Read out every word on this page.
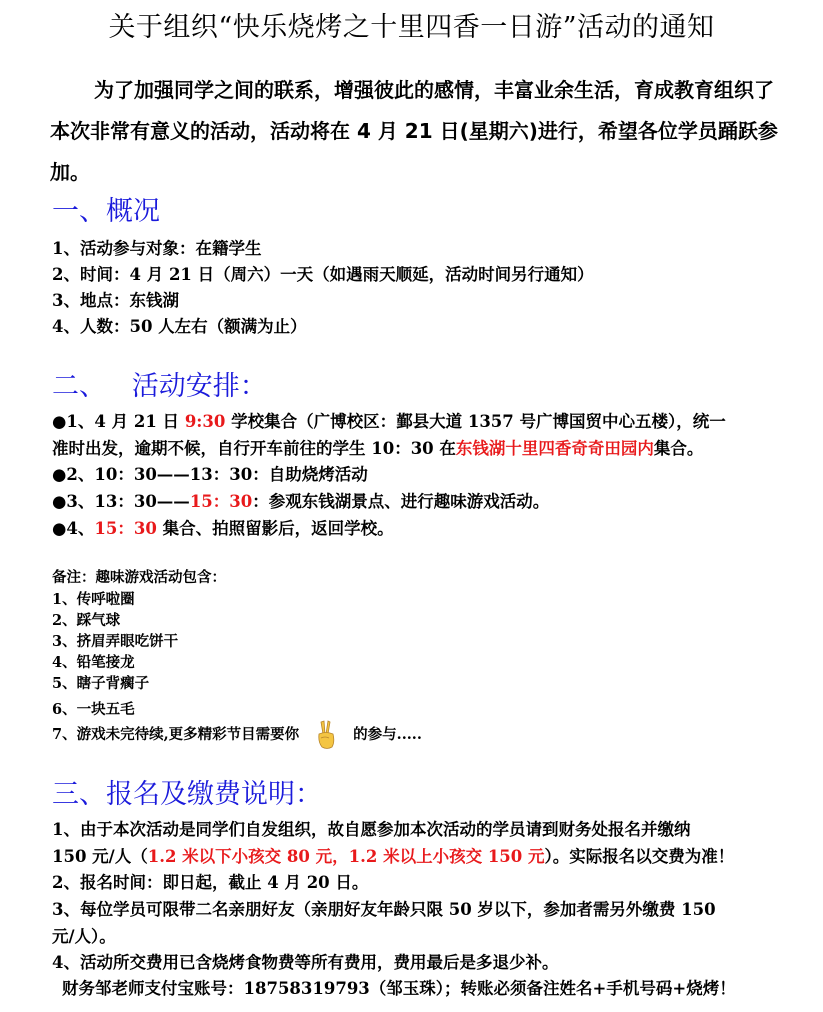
关于组织“快乐烧烤之十里四香一日游”活动的通知
为了加强同学之间的联系，增强彼此的感情，丰富业余生活，育成教育组织了本次非常有意义的活动，活动将在 4 月 21 日(星期六)进行，希望各位学员踊跃参加。
一、概况
1、活动参与对象：在籍学生
2、时间：4 月 21 日（周六）一天（如遇雨天顺延，活动时间另行通知）
3、地点：东钱湖
4、人数：50 人左右（额满为止）
二、   活动安排：
●1、4 月 21 日 9:30 学校集合（广博校区：鄞县大道 1357 号广博国贸中心五楼），统一
准时出发，逾期不候，自行开车前往的学生 10：30 在东钱湖十里四香奇奇田园内集合。
●2、10：30——13：30：自助烧烤活动
●3、13：30——15：30：参观东钱湖景点、进行趣味游戏活动。
●4、15：30 集合、拍照留影后，返回学校。
备注：趣味游戏活动包含：
1、传呼啦圈
2、踩气球
3、挤眉弄眼吃饼干
4、铅笔接龙
5、瞎子背瘸子
6、一块五毛
7、游戏未完待续,更多精彩节目需要你	的参与.....
三、报名及缴费说明：
1、由于本次活动是同学们自发组织，故自愿参加本次活动的学员请到财务处报名并缴纳
150 元/人（1.2 米以下小孩交 80 元，1.2 米以上小孩交 150 元）。实际报名以交费为准！
2、报名时间：即日起，截止 4 月 20 日。
3、每位学员可限带二名亲朋好友（亲朋好友年龄只限 50 岁以下，参加者需另外缴费 150
元/人）。
4、活动所交费用已含烧烤食物费等所有费用，费用最后是多退少补。
财务邹老师支付宝账号：18758319793（邹玉珠）；转账必须备注姓名+手机号码+烧烤！
